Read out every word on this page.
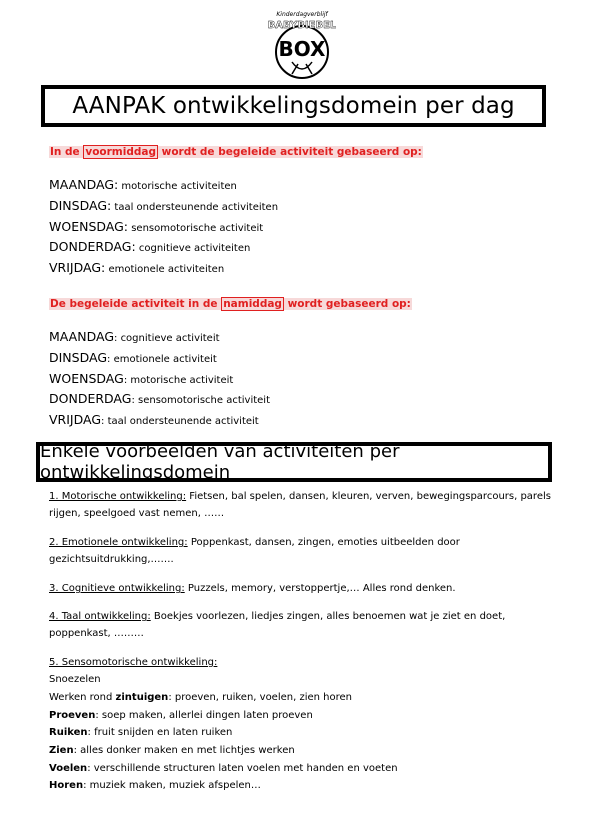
Kinderdagverblijf
BABYBIEBEL
BOX
AANPAK ontwikkelingsdomein per dag
In de voormiddag wordt de begeleide activiteit gebaseerd op:
MAANDAG: motorische activiteiten
DINSDAG: taal ondersteunende activiteiten
WOENSDAG: sensomotorische activiteit
DONDERDAG: cognitieve activiteiten
VRIJDAG: emotionele activiteiten
De begeleide activiteit in de namiddag wordt gebaseerd op:
MAANDAG: cognitieve activiteit
DINSDAG: emotionele activiteit
WOENSDAG: motorische activiteit
DONDERDAG: sensomotorische activiteit
VRIJDAG: taal ondersteunende activiteit
Enkele voorbeelden van activiteiten per ontwikkelingsdomein
1. Motorische ontwikkeling: Fietsen, bal spelen, dansen, kleuren, verven, bewegingsparcours, parels rijgen, speelgoed vast nemen, ……
2. Emotionele ontwikkeling: Poppenkast, dansen, zingen, emoties uitbeelden door gezichtsuitdrukking,…….
3. Cognitieve ontwikkeling: Puzzels, memory, verstoppertje,… Alles rond denken.
4. Taal ontwikkeling: Boekjes voorlezen, liedjes zingen, alles benoemen wat je ziet en doet, poppenkast, ………
5. Sensomotorische ontwikkeling:
Snoezelen
Werken rond zintuigen: proeven, ruiken, voelen, zien horen
Proeven: soep maken, allerlei dingen laten proeven
Ruiken: fruit snijden en laten ruiken
Zien: alles donker maken en met lichtjes werken
Voelen: verschillende structuren laten voelen met handen en voeten
Horen: muziek maken, muziek afspelen…
